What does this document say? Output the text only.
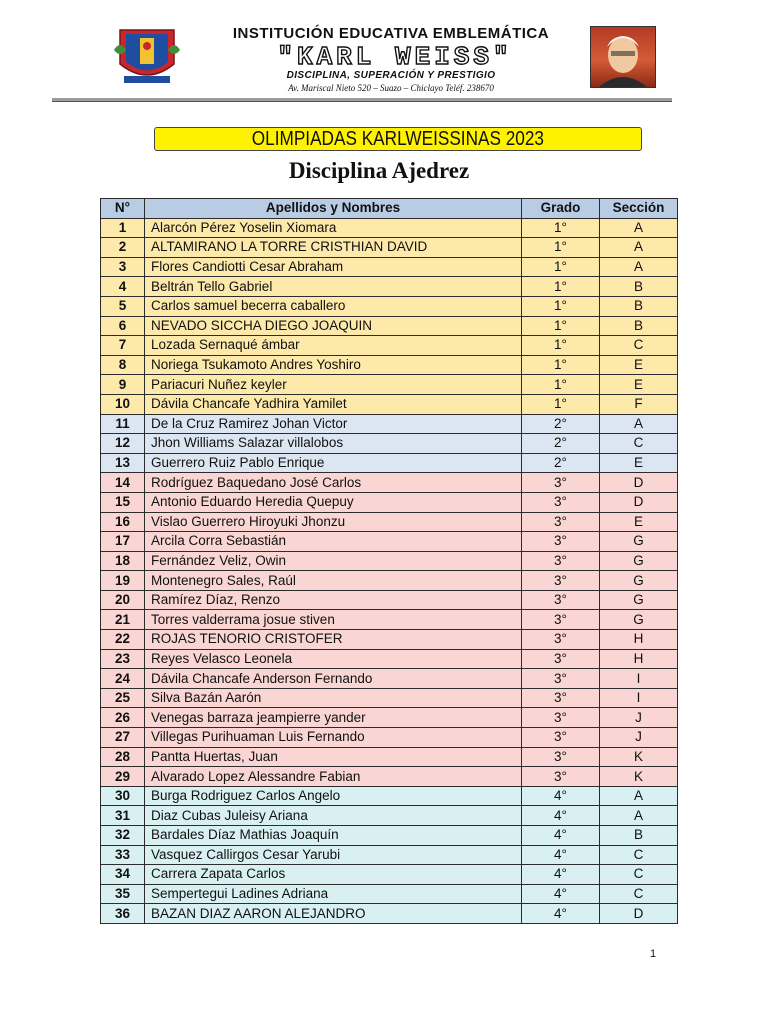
INSTITUCIÓN EDUCATIVA EMBLEMÁTICA
"KARL WEISS"
DISCIPLINA, SUPERACIÓN Y PRESTIGIO
Av. Mariscal Nieto 520 – Suazo – Chiclayo Teléf. 238670
OLIMPIADAS KARLWEISSINAS 2023
Disciplina Ajedrez
N°	Apellidos y Nombres	Grado	Sección
1	Alarcón Pérez Yoselin Xiomara	1°	A
2	ALTAMIRANO LA TORRE CRISTHIAN DAVID	1°	A
3	Flores Candiotti Cesar Abraham	1°	A
4	Beltrán Tello Gabriel	1°	B
5	Carlos samuel becerra caballero	1°	B
6	NEVADO SICCHA DIEGO JOAQUIN	1°	B
7	Lozada Sernaqué ámbar	1°	C
8	Noriega Tsukamoto Andres Yoshiro	1°	E
9	Pariacuri Nuñez keyler	1°	E
10	Dávila Chancafe Yadhira Yamilet	1°	F
11	De la Cruz Ramirez Johan Victor	2°	A
12	Jhon Williams Salazar villalobos	2°	C
13	Guerrero Ruiz Pablo Enrique	2°	E
14	Rodríguez Baquedano José Carlos	3°	D
15	Antonio Eduardo Heredia Quepuy	3°	D
16	Vislao Guerrero Hiroyuki Jhonzu	3°	E
17	Arcila Corra Sebastián	3°	G
18	Fernández Veliz, Owin	3°	G
19	Montenegro Sales, Raúl	3°	G
20	Ramírez Díaz, Renzo	3°	G
21	Torres valderrama josue stiven	3°	G
22	ROJAS TENORIO CRISTOFER	3°	H
23	Reyes Velasco Leonela	3°	H
24	Dávila Chancafe Anderson Fernando	3°	I
25	Silva Bazán Aarón	3°	I
26	Venegas barraza jeampierre yander	3°	J
27	Villegas Purihuaman Luis Fernando	3°	J
28	Pantta Huertas, Juan	3°	K
29	Alvarado Lopez Alessandre Fabian	3°	K
30	Burga Rodriguez Carlos Angelo	4°	A
31	Diaz Cubas Juleisy Ariana	4°	A
32	Bardales Díaz Mathias Joaquín	4°	B
33	Vasquez Callirgos Cesar Yarubi	4°	C
34	Carrera Zapata Carlos	4°	C
35	Sempertegui Ladines Adriana	4°	C
36	BAZAN DIAZ AARON ALEJANDRO	4°	D
1
